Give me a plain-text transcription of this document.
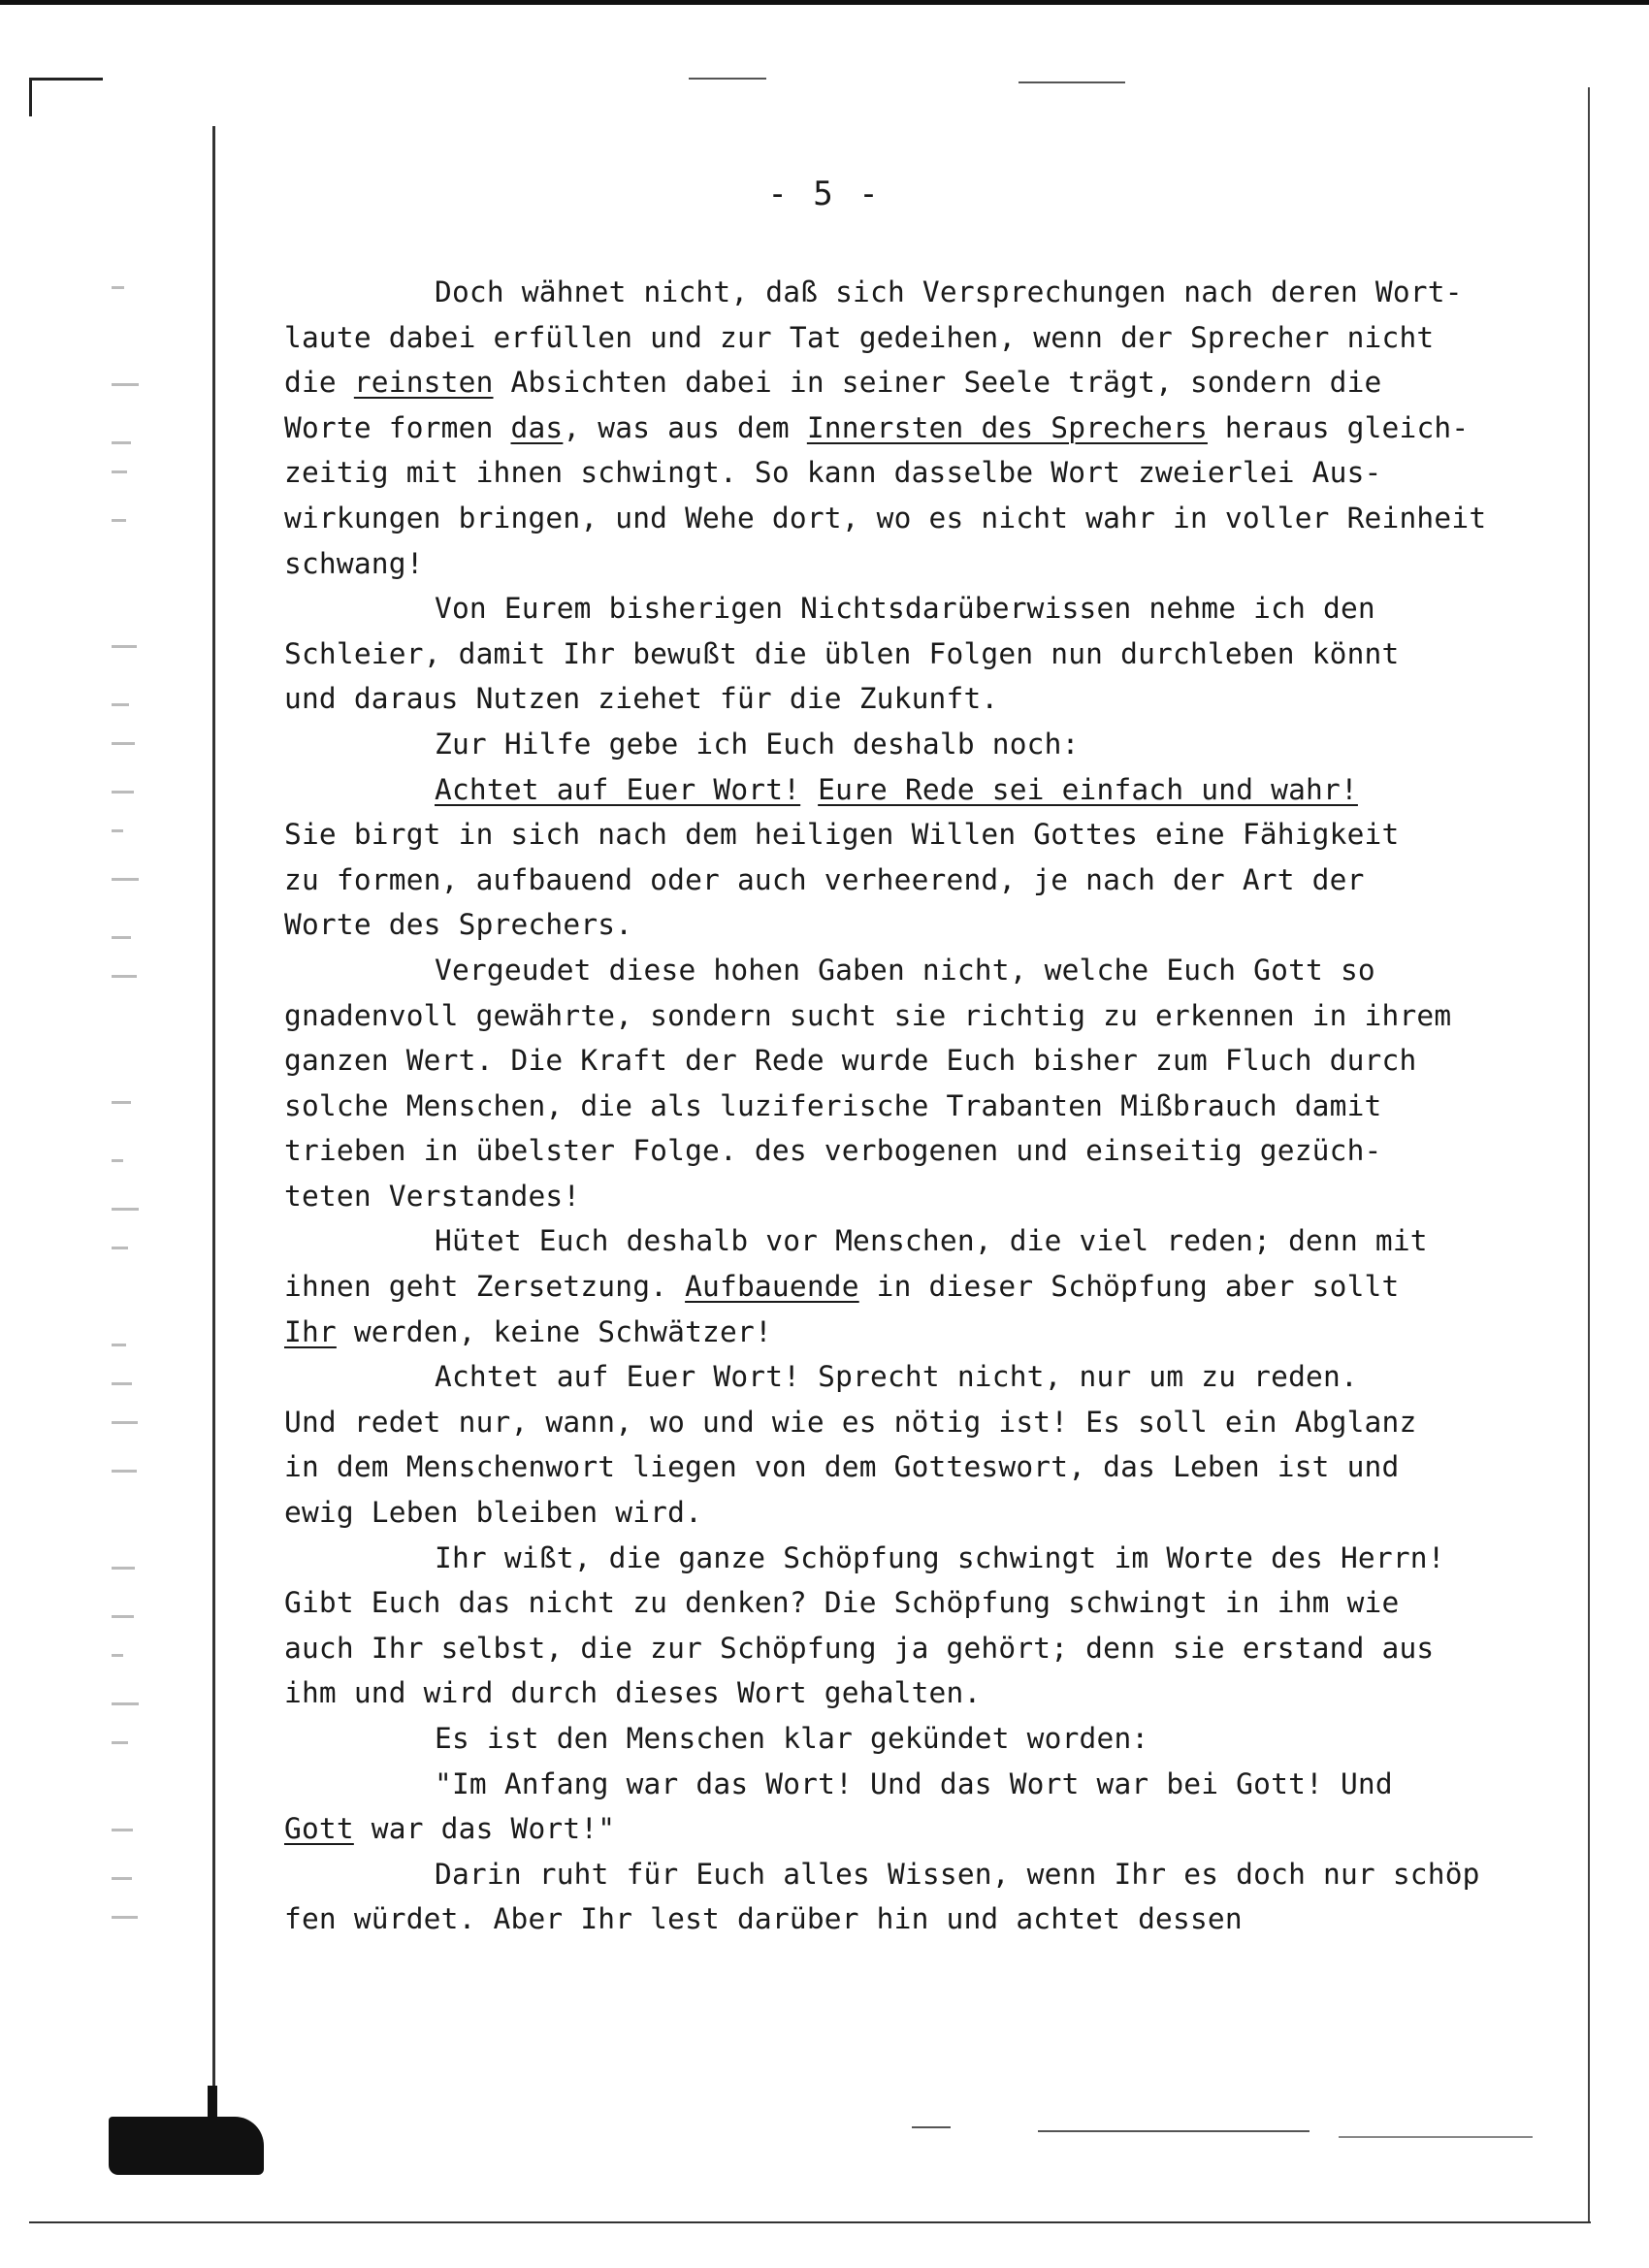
- 5 -
Doch wähnet nicht, daß sich Versprechungen nach deren Wort-
laute dabei erfüllen und zur Tat gedeihen, wenn der Sprecher nicht
die reinsten Absichten dabei in seiner Seele trägt, sondern die
Worte formen das, was aus dem Innersten des Sprechers heraus gleich-
zeitig mit ihnen schwingt. So kann dasselbe Wort zweierlei Aus-
wirkungen bringen, und Wehe dort, wo es nicht wahr in voller Reinheit
schwang!
Von Eurem bisherigen Nichtsdarüberwissen nehme ich den
Schleier, damit Ihr bewußt die üblen Folgen nun durchleben könnt
und daraus Nutzen ziehet für die Zukunft.
Zur Hilfe gebe ich Euch deshalb noch:
Achtet auf Euer Wort! Eure Rede sei einfach und wahr!
Sie birgt in sich nach dem heiligen Willen Gottes eine Fähigkeit
zu formen, aufbauend oder auch verheerend, je nach der Art der
Worte des Sprechers.
Vergeudet diese hohen Gaben nicht, welche Euch Gott so
gnadenvoll gewährte, sondern sucht sie richtig zu erkennen in ihrem
ganzen Wert. Die Kraft der Rede wurde Euch bisher zum Fluch durch
solche Menschen, die als luziferische Trabanten Mißbrauch damit
trieben in übelster Folge. des verbogenen und einseitig gezüch-
teten Verstandes!
Hütet Euch deshalb vor Menschen, die viel reden; denn mit
ihnen geht Zersetzung. Aufbauende in dieser Schöpfung aber sollt
Ihr werden, keine Schwätzer!
Achtet auf Euer Wort! Sprecht nicht, nur um zu reden.
Und redet nur, wann, wo und wie es nötig ist! Es soll ein Abglanz
in dem Menschenwort liegen von dem Gotteswort, das Leben ist und
ewig Leben bleiben wird.
Ihr wißt, die ganze Schöpfung schwingt im Worte des Herrn!
Gibt Euch das nicht zu denken? Die Schöpfung schwingt in ihm wie
auch Ihr selbst, die zur Schöpfung ja gehört; denn sie erstand aus
ihm und wird durch dieses Wort gehalten.
Es ist den Menschen klar gekündet worden:
"Im Anfang war das Wort! Und das Wort war bei Gott! Und
Gott war das Wort!"
Darin ruht für Euch alles Wissen, wenn Ihr es doch nur schöp
fen würdet. Aber Ihr lest darüber hin und achtet dessen
